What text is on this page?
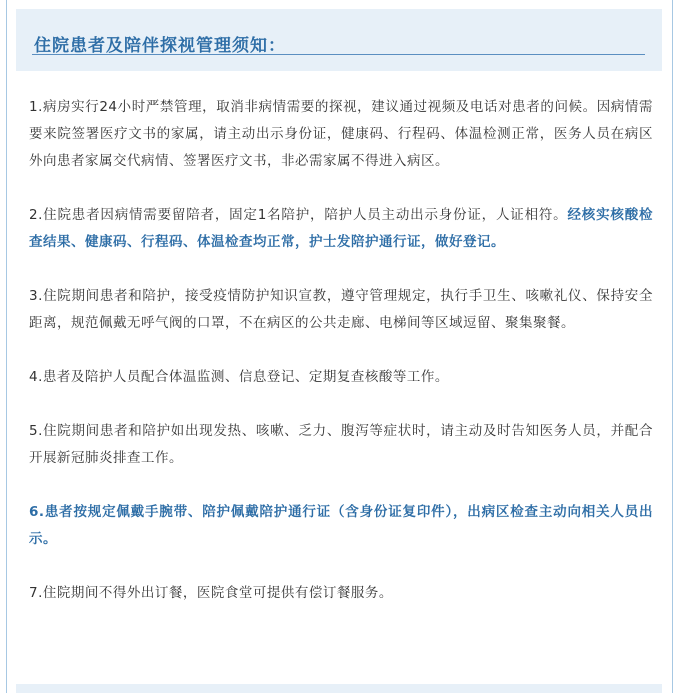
住院患者及陪伴探视管理须知：

1.病房实行24小时严禁管理，取消非病情需要的探视，建议通过视频及电话对患者的问候。因病情需要来院签署医疗文书的家属，请主动出示身份证，健康码、行程码、体温检测正常，医务人员在病区外向患者家属交代病情、签署医疗文书，非必需家属不得进入病区。

2.住院患者因病情需要留陪者，固定1名陪护，陪护人员主动出示身份证，人证相符。经核实核酸检查结果、健康码、行程码、体温检查均正常，护士发陪护通行证，做好登记。

3.住院期间患者和陪护，接受疫情防护知识宣教，遵守管理规定，执行手卫生、咳嗽礼仪、保持安全距离，规范佩戴无呼气阀的口罩，不在病区的公共走廊、电梯间等区域逗留、聚集聚餐。

4.患者及陪护人员配合体温监测、信息登记、定期复查核酸等工作。

5.住院期间患者和陪护如出现发热、咳嗽、乏力、腹泻等症状时，请主动及时告知医务人员，并配合开展新冠肺炎排查工作。

6.患者按规定佩戴手腕带、陪护佩戴陪护通行证（含身份证复印件），出病区检查主动向相关人员出示。

7.住院期间不得外出订餐，医院食堂可提供有偿订餐服务。
